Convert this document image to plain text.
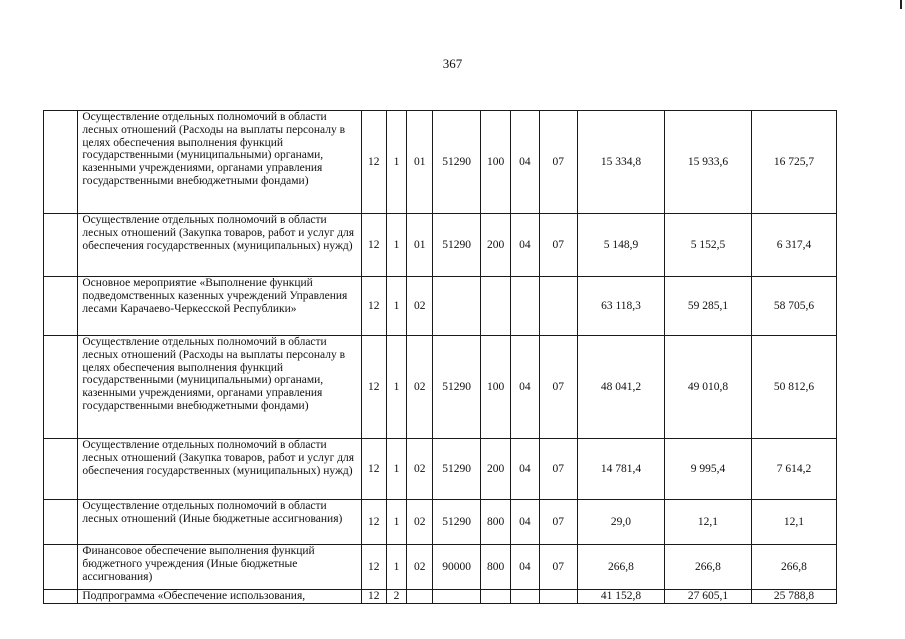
367
	Осуществление отдельных полномочий в области лесных отношений (Расходы на выплаты персоналу в целях обеспечения выполнения функций государственными (муниципальными) органами, казенными учреждениями, органами управления государственными внебюджетными фондами)	12	1	01	51290	100	04	07	15 334,8	15 933,6	16 725,7
	Осуществление отдельных полномочий в области лесных отношений (Закупка товаров, работ и услуг для обеспечения государственных (муниципальных) нужд)	12	1	01	51290	200	04	07	5 148,9	5 152,5	6 317,4
	Основное мероприятие «Выполнение функций подведомственных казенных учреждений Управления лесами Карачаево-Черкесской Республики»	12	1	02					63 118,3	59 285,1	58 705,6
	Осуществление отдельных полномочий в области лесных отношений (Расходы на выплаты персоналу в целях обеспечения выполнения функций государственными (муниципальными) органами, казенными учреждениями, органами управления государственными внебюджетными фондами)	12	1	02	51290	100	04	07	48 041,2	49 010,8	50 812,6
	Осуществление отдельных полномочий в области лесных отношений (Закупка товаров, работ и услуг для обеспечения государственных (муниципальных) нужд)	12	1	02	51290	200	04	07	14 781,4	9 995,4	7 614,2
	Осуществление отдельных полномочий в области лесных отношений (Иные бюджетные ассигнования)	12	1	02	51290	800	04	07	29,0	12,1	12,1
	Финансовое обеспечение выполнения функций бюджетного учреждения (Иные бюджетные ассигнования)	12	1	02	90000	800	04	07	266,8	266,8	266,8
	Подпрограмма «Обеспечение использования,	12	2						41 152,8	27 605,1	25 788,8
